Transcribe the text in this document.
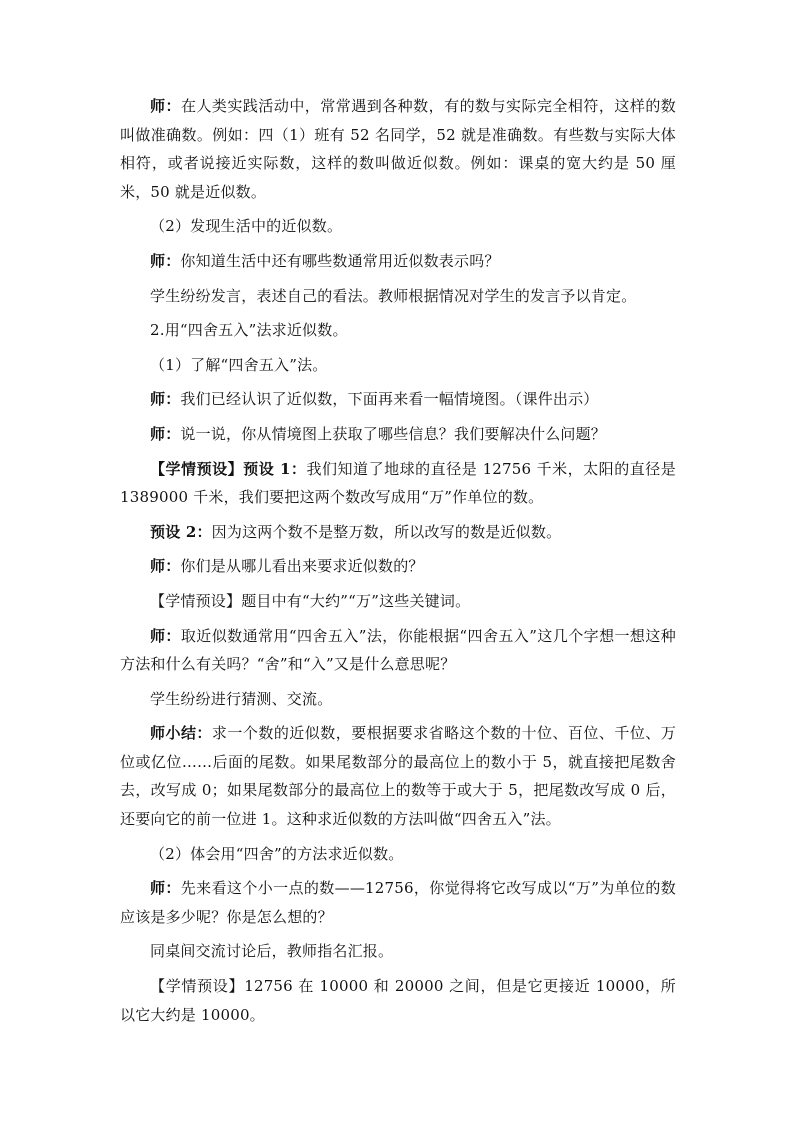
师：在人类实践活动中，常常遇到各种数，有的数与实际完全相符，这样的数叫做准确数。例如：四（1）班有 52 名同学，52 就是准确数。有些数与实际大体相符，或者说接近实际数，这样的数叫做近似数。例如：课桌的宽大约是 50 厘米，50 就是近似数。

（2）发现生活中的近似数。

师：你知道生活中还有哪些数通常用近似数表示吗？

学生纷纷发言，表述自己的看法。教师根据情况对学生的发言予以肯定。

2.用“四舍五入”法求近似数。

（1）了解“四舍五入”法。

师：我们已经认识了近似数，下面再来看一幅情境图。（课件出示）

师：说一说，你从情境图上获取了哪些信息？我们要解决什么问题？

【学情预设】预设 1：我们知道了地球的直径是 12756 千米，太阳的直径是 1389000 千米，我们要把这两个数改写成用“万”作单位的数。

预设 2：因为这两个数不是整万数，所以改写的数是近似数。

师：你们是从哪儿看出来要求近似数的？

【学情预设】题目中有“大约”“万”这些关键词。

师：取近似数通常用“四舍五入”法，你能根据“四舍五入”这几个字想一想这种方法和什么有关吗？“舍”和“入”又是什么意思呢？

学生纷纷进行猜测、交流。

师小结：求一个数的近似数，要根据要求省略这个数的十位、百位、千位、万位或亿位……后面的尾数。如果尾数部分的最高位上的数小于 5，就直接把尾数舍去，改写成 0；如果尾数部分的最高位上的数等于或大于 5，把尾数改写成 0 后，还要向它的前一位进 1。这种求近似数的方法叫做“四舍五入”法。

（2）体会用“四舍”的方法求近似数。

师：先来看这个小一点的数——12756，你觉得将它改写成以“万”为单位的数应该是多少呢？你是怎么想的？

同桌间交流讨论后，教师指名汇报。

【学情预设】12756 在 10000 和 20000 之间，但是它更接近 10000，所以它大约是 10000。
